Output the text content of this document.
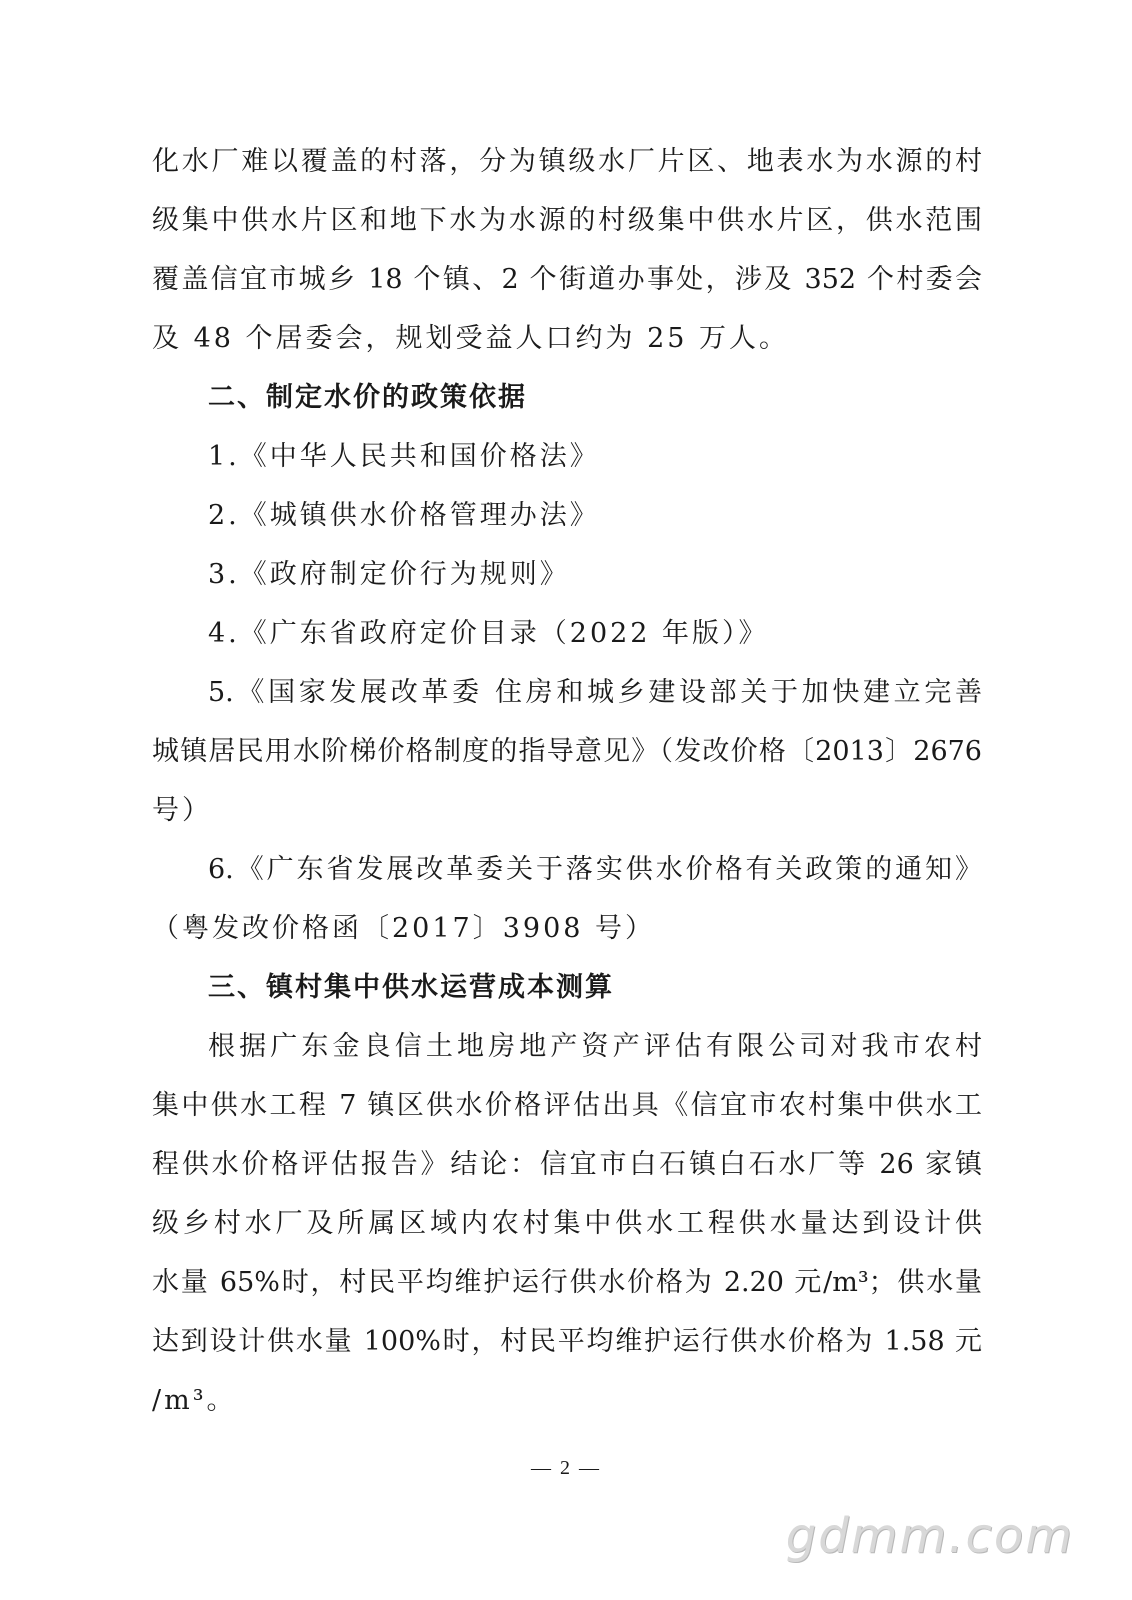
化水厂难以覆盖的村落，分为镇级水厂片区、地表水为水源的村
级集中供水片区和地下水为水源的村级集中供水片区，供水范围
覆盖信宜市城乡 18 个镇、2 个街道办事处，涉及 352 个村委会
及 48 个居委会，规划受益人口约为 25 万人。
二、制定水价的政策依据
1.《中华人民共和国价格法》
2.《城镇供水价格管理办法》
3.《政府制定价行为规则》
4.《广东省政府定价目录（2022 年版）》
5.《国家发展改革委 住房和城乡建设部关于加快建立完善
城镇居民用水阶梯价格制度的指导意见》（发改价格〔2013〕2676
号）
6.《广东省发展改革委关于落实供水价格有关政策的通知》
（粤发改价格函〔2017〕3908 号）
三、镇村集中供水运营成本测算
根据广东金良信土地房地产资产评估有限公司对我市农村
集中供水工程 7 镇区供水价格评估出具《信宜市农村集中供水工
程供水价格评估报告》结论：信宜市白石镇白石水厂等 26 家镇
级乡村水厂及所属区域内农村集中供水工程供水量达到设计供
水量 65%时，村民平均维护运行供水价格为 2.20 元/m³；供水量
达到设计供水量 100%时，村民平均维护运行供水价格为 1.58 元
/m³。
— 2 —
gdmm.com
